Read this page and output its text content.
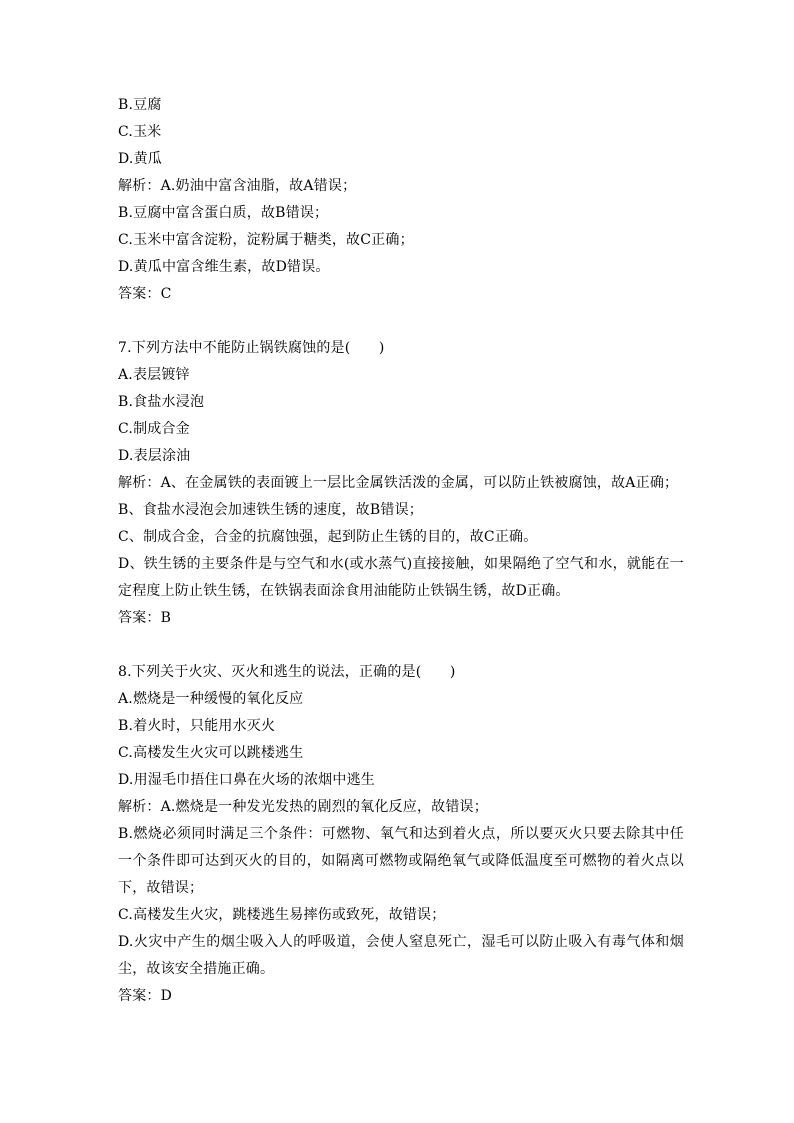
B.豆腐
C.玉米
D.黄瓜
解析：A.奶油中富含油脂，故A错误；
B.豆腐中富含蛋白质，故B错误；
C.玉米中富含淀粉，淀粉属于糖类，故C正确；
D.黄瓜中富含维生素，故D错误。
答案：C
7.下列方法中不能防止锅铁腐蚀的是(　　)
A.表层镀锌
B.食盐水浸泡
C.制成合金
D.表层涂油
解析：A、在金属铁的表面镀上一层比金属铁活泼的金属，可以防止铁被腐蚀，故A正确；
B、食盐水浸泡会加速铁生锈的速度，故B错误；
C、制成合金，合金的抗腐蚀强，起到防止生锈的目的，故C正确。
D、铁生锈的主要条件是与空气和水(或水蒸气)直接接触，如果隔绝了空气和水，就能在一定程度上防止铁生锈，在铁锅表面涂食用油能防止铁锅生锈，故D正确。
答案：B
8.下列关于火灾、灭火和逃生的说法，正确的是(　　)
A.燃烧是一种缓慢的氧化反应
B.着火时，只能用水灭火
C.高楼发生火灾可以跳楼逃生
D.用湿毛巾捂住口鼻在火场的浓烟中逃生
解析：A.燃烧是一种发光发热的剧烈的氧化反应，故错误；
B.燃烧必须同时满足三个条件：可燃物、氧气和达到着火点，所以要灭火只要去除其中任一个条件即可达到灭火的目的，如隔离可燃物或隔绝氧气或降低温度至可燃物的着火点以下，故错误；
C.高楼发生火灾，跳楼逃生易摔伤或致死，故错误；
D.火灾中产生的烟尘吸入人的呼吸道，会使人窒息死亡，湿毛可以防止吸入有毒气体和烟尘，故该安全措施正确。
答案：D
